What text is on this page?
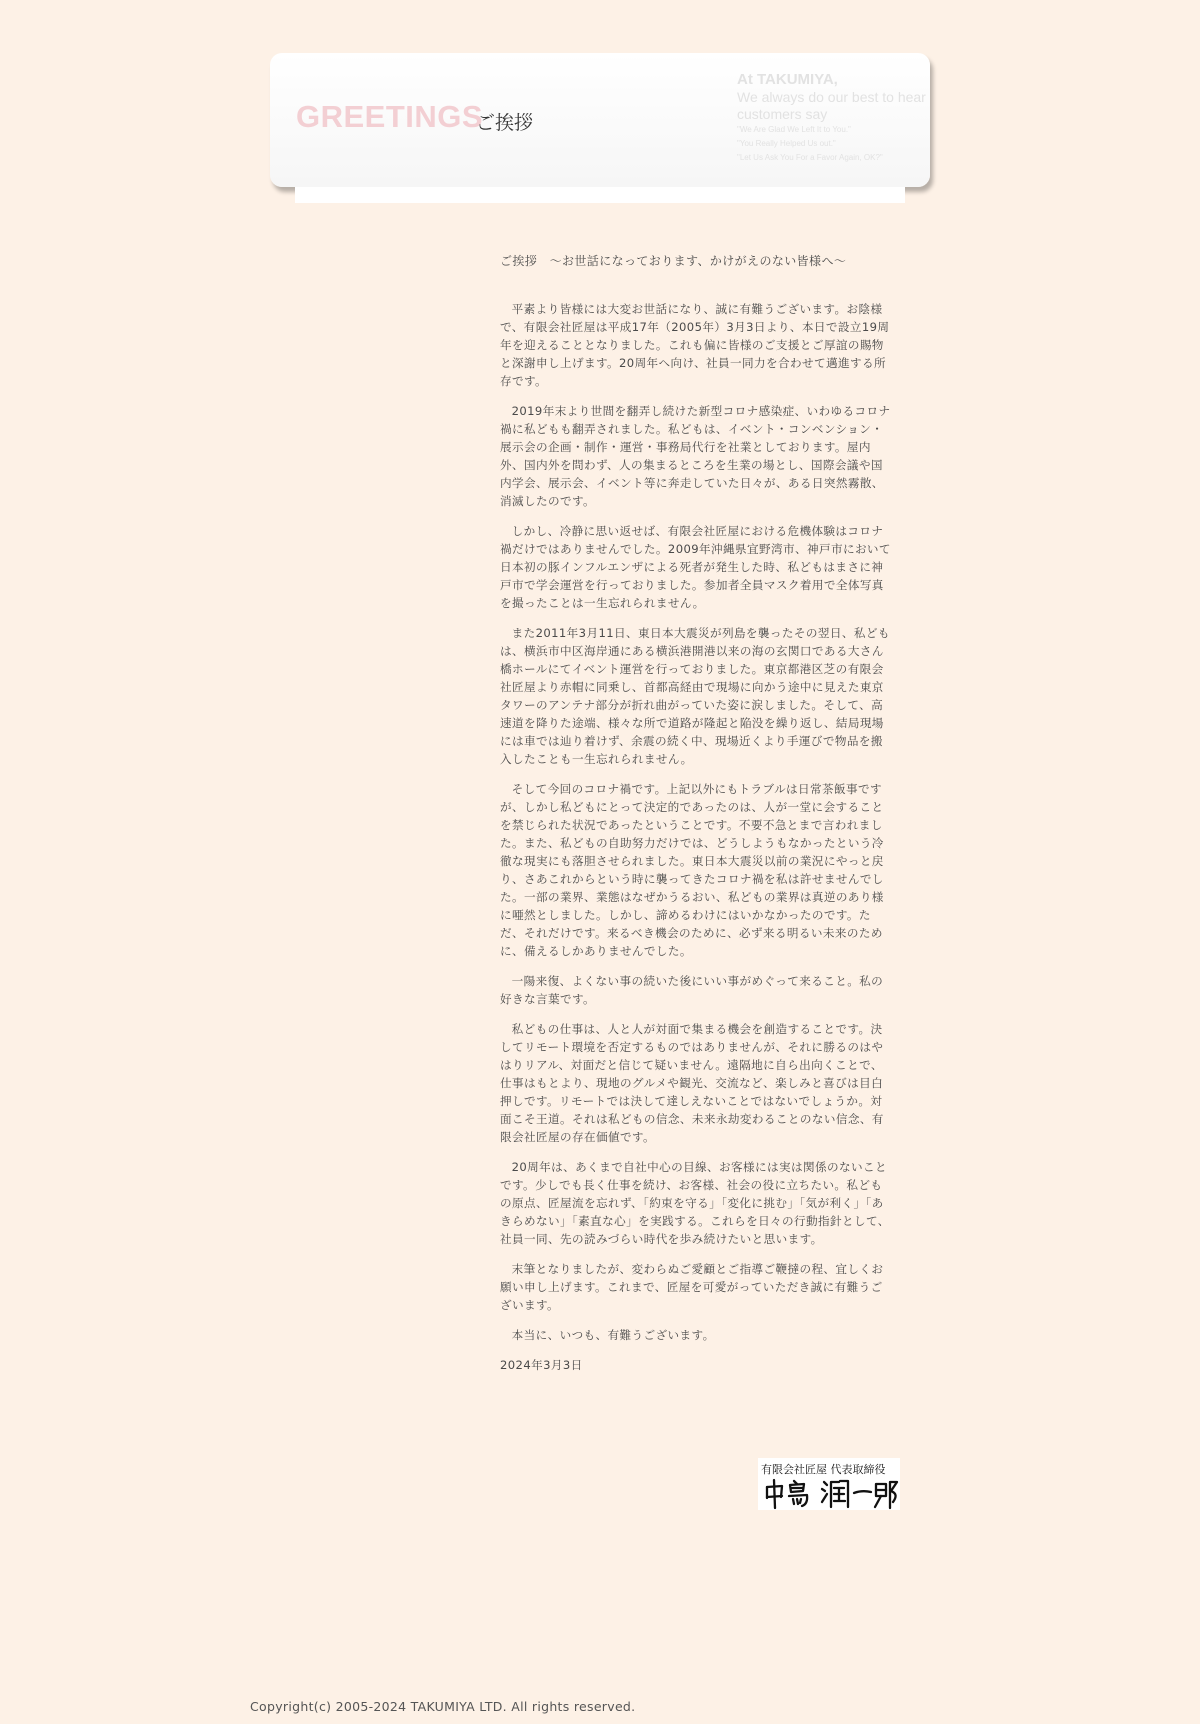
GREETINGS
ご挨拶
At TAKUMIYA,
We always do our best to hear customers say
"We Are Glad We Left It to You."
"You Really Helped Us out."
"Let Us Ask You For a Favor Again, OK?"
ご挨拶　～お世話になっております、かけがえのない皆様へ～

平素より皆様には大変お世話になり、誠に有難うございます。お陰様で、有限会社匠屋は平成17年（2005年）3月3日より、本日で設立19周年を迎えることとなりました。これも偏に皆様のご支援とご厚誼の賜物と深謝申し上げます。20周年へ向け、社員一同力を合わせて邁進する所存です。

2019年末より世間を翻弄し続けた新型コロナ感染症、いわゆるコロナ禍に私どもも翻弄されました。私どもは、イベント・コンベンション・展示会の企画・制作・運営・事務局代行を社業としております。屋内外、国内外を問わず、人の集まるところを生業の場とし、国際会議や国内学会、展示会、イベント等に奔走していた日々が、ある日突然霧散、消滅したのです。

しかし、冷静に思い返せば、有限会社匠屋における危機体験はコロナ禍だけではありませんでした。2009年沖縄県宜野湾市、神戸市において日本初の豚インフルエンザによる死者が発生した時、私どもはまさに神戸市で学会運営を行っておりました。参加者全員マスク着用で全体写真を撮ったことは一生忘れられません。

また2011年3月11日、東日本大震災が列島を襲ったその翌日、私どもは、横浜市中区海岸通にある横浜港開港以来の海の玄関口である大さん橋ホールにてイベント運営を行っておりました。東京都港区芝の有限会社匠屋より赤帽に同乗し、首都高経由で現場に向かう途中に見えた東京タワーのアンテナ部分が折れ曲がっていた姿に涙しました。そして、高速道を降りた途端、様々な所で道路が隆起と陥没を繰り返し、結局現場には車では辿り着けず、余震の続く中、現場近くより手運びで物品を搬入したことも一生忘れられません。

そして今回のコロナ禍です。上記以外にもトラブルは日常茶飯事ですが、しかし私どもにとって決定的であったのは、人が一堂に会することを禁じられた状況であったということです。不要不急とまで言われました。また、私どもの自助努力だけでは、どうしようもなかったという冷徹な現実にも落胆させられました。東日本大震災以前の業況にやっと戻り、さあこれからという時に襲ってきたコロナ禍を私は許せませんでした。一部の業界、業態はなぜかうるおい、私どもの業界は真逆のあり様に唖然としました。しかし、諦めるわけにはいかなかったのです。ただ、それだけです。来るべき機会のために、必ず来る明るい未来のために、備えるしかありませんでした。

一陽来復、よくない事の続いた後にいい事がめぐって来ること。私の好きな言葉です。

私どもの仕事は、人と人が対面で集まる機会を創造することです。決してリモート環境を否定するものではありませんが、それに勝るのはやはりリアル、対面だと信じて疑いません。遠隔地に自ら出向くことで、仕事はもとより、現地のグルメや観光、交流など、楽しみと喜びは目白押しです。リモートでは決して達しえないことではないでしょうか。対面こそ王道。それは私どもの信念、未来永劫変わることのない信念、有限会社匠屋の存在価値です。

20周年は、あくまで自社中心の目線、お客様には実は関係のないことです。少しでも長く仕事を続け、お客様、社会の役に立ちたい。私どもの原点、匠屋流を忘れず、「約束を守る」「変化に挑む」「気が利く」「あきらめない」「素直な心」を実践する。これらを日々の行動指針として、社員一同、先の読みづらい時代を歩み続けたいと思います。

末筆となりましたが、変わらぬご愛顧とご指導ご鞭撻の程、宜しくお願い申し上げます。これまで、匠屋を可愛がっていただき誠に有難うございます。

本当に、いつも、有難うございます。

2024年3月3日

有限会社匠屋 代表取締役
Copyright(c) 2005-2024 TAKUMIYA LTD. All rights reserved.
